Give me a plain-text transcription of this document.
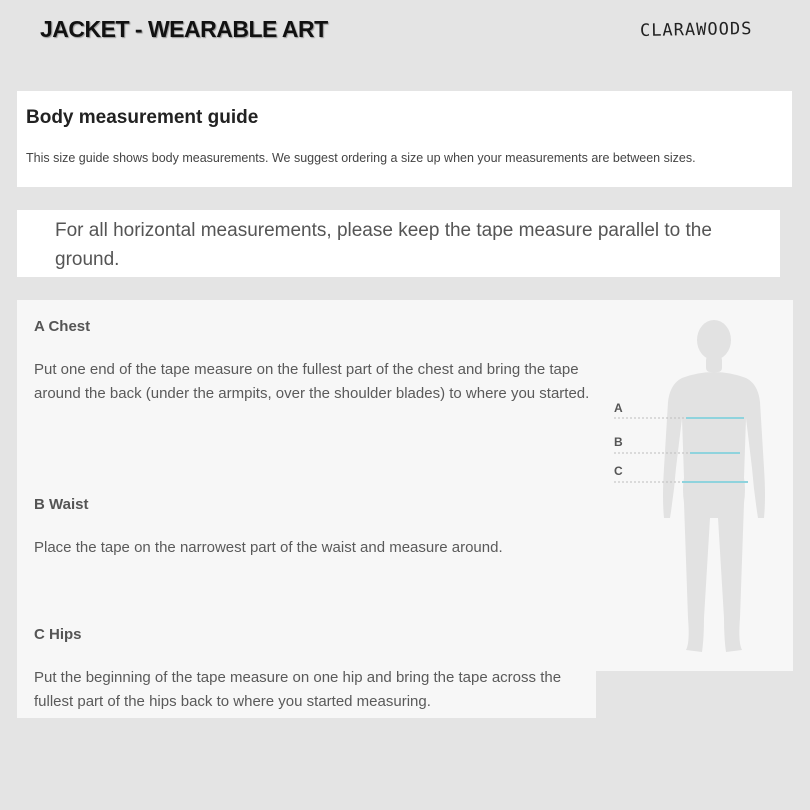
JACKET - WEARABLE ART	CLARAWOODS
Body measurement guide
This size guide shows body measurements. We suggest ordering a size up when your measurements are between sizes.
For all horizontal measurements, please keep the tape measure parallel to the ground.
A Chest
Put one end of the tape measure on the fullest part of the chest and bring the tape around the back (under the armpits, over the shoulder blades) to where you started.
B Waist
Place the tape on the narrowest part of the waist and measure around.
C Hips
Put the beginning of the tape measure on one hip and bring the tape across the fullest part of the hips back to where you started measuring.
A
B
C
